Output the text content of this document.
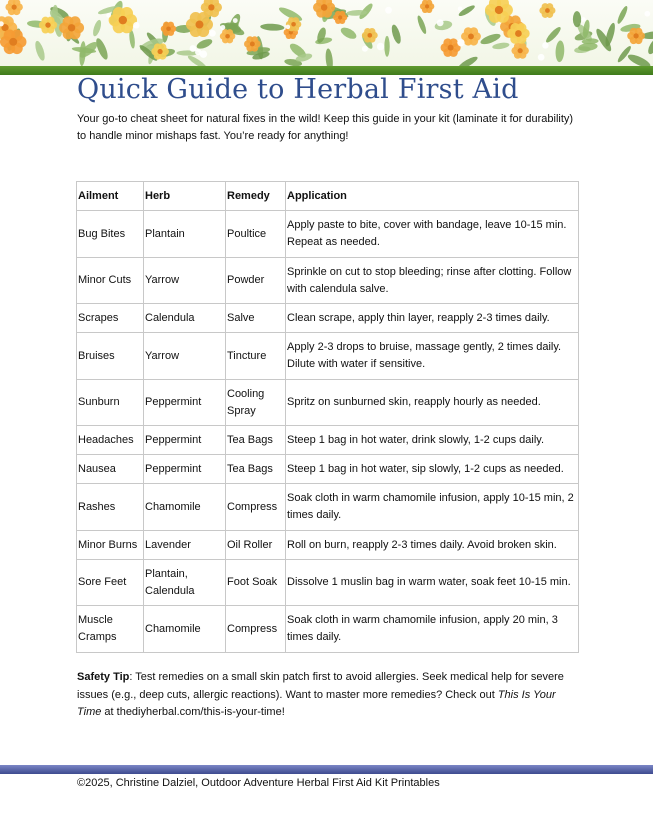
Quick Guide to Herbal First Aid

Your go-to cheat sheet for natural fixes in the wild! Keep this guide in your kit (laminate it for durability) to handle minor mishaps fast. You’re ready for anything!

Ailment	Herb	Remedy	Application
Bug Bites	Plantain	Poultice	Apply paste to bite, cover with bandage, leave 10-15 min. Repeat as needed.
Minor Cuts	Yarrow	Powder	Sprinkle on cut to stop bleeding; rinse after clotting. Follow with calendula salve.
Scrapes	Calendula	Salve	Clean scrape, apply thin layer, reapply 2-3 times daily.
Bruises	Yarrow	Tincture	Apply 2-3 drops to bruise, massage gently, 2 times daily. Dilute with water if sensitive.
Sunburn	Peppermint	Cooling Spray	Spritz on sunburned skin, reapply hourly as needed.
Headaches	Peppermint	Tea Bags	Steep 1 bag in hot water, drink slowly, 1-2 cups daily.
Nausea	Peppermint	Tea Bags	Steep 1 bag in hot water, sip slowly, 1-2 cups as needed.
Rashes	Chamomile	Compress	Soak cloth in warm chamomile infusion, apply 10-15 min, 2 times daily.
Minor Burns	Lavender	Oil Roller	Roll on burn, reapply 2-3 times daily. Avoid broken skin.
Sore Feet	Plantain, Calendula	Foot Soak	Dissolve 1 muslin bag in warm water, soak feet 10-15 min.
Muscle Cramps	Chamomile	Compress	Soak cloth in warm chamomile infusion, apply 20 min, 3 times daily.

Safety Tip: Test remedies on a small skin patch first to avoid allergies. Seek medical help for severe issues (e.g., deep cuts, allergic reactions). Want to master more remedies? Check out This Is Your Time at thediyherbal.com/this-is-your-time!

©2025, Christine Dalziel, Outdoor Adventure Herbal First Aid Kit Printables
